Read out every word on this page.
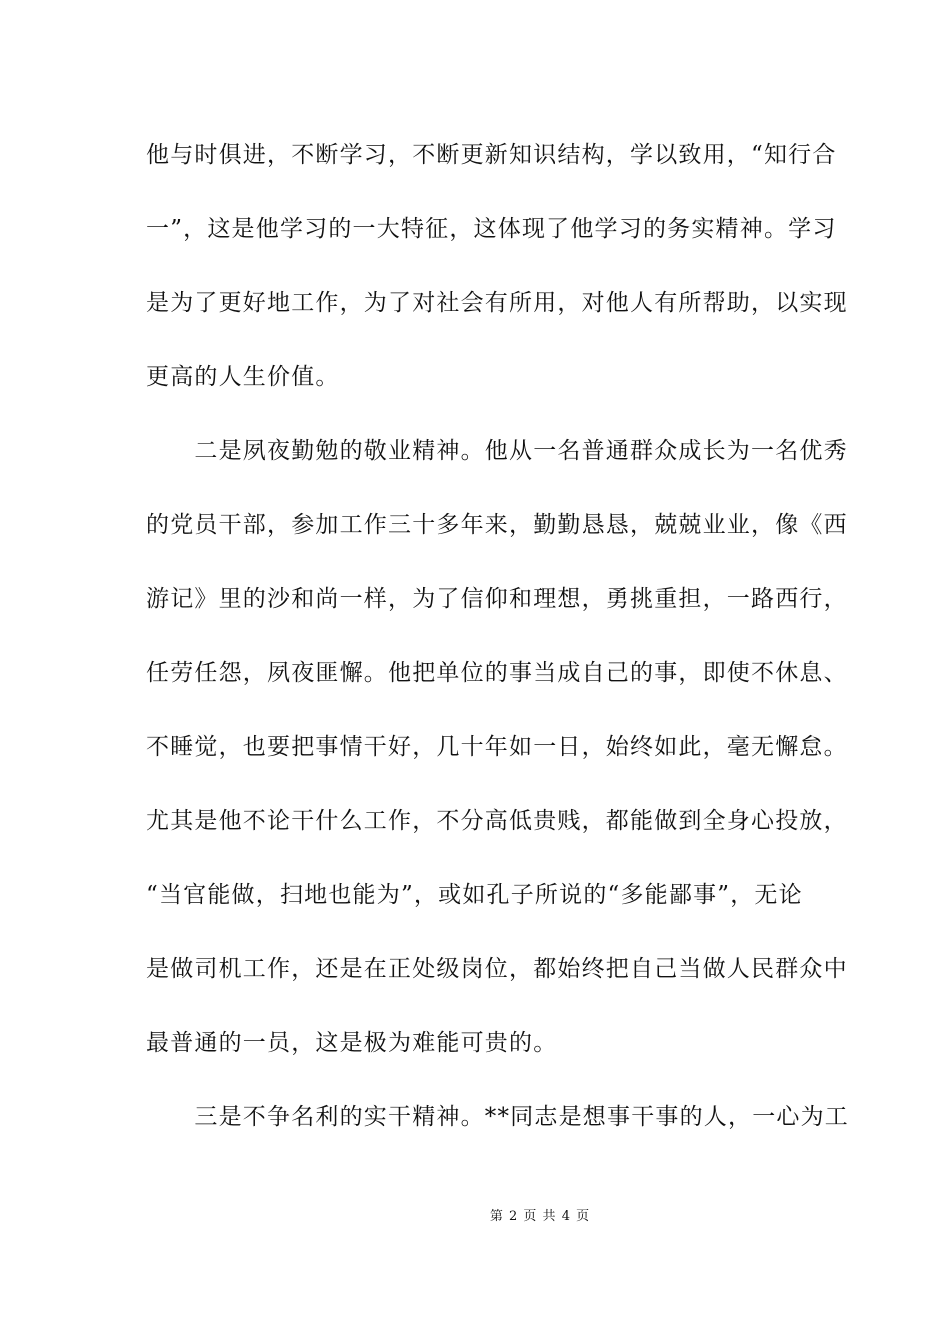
他与时俱进，不断学习，不断更新知识结构，学以致用，“知行合
一”，这是他学习的一大特征，这体现了他学习的务实精神。学习
是为了更好地工作，为了对社会有所用，对他人有所帮助，以实现
更高的人生价值。
　　二是夙夜勤勉的敬业精神。他从一名普通群众成长为一名优秀
的党员干部，参加工作三十多年来，勤勤恳恳，兢兢业业，像《西
游记》里的沙和尚一样，为了信仰和理想，勇挑重担，一路西行，
任劳任怨，夙夜匪懈。他把单位的事当成自己的事，即使不休息、
不睡觉，也要把事情干好，几十年如一日，始终如此，毫无懈怠。
尤其是他不论干什么工作，不分高低贵贱，都能做到全身心投放，
“当官能做，扫地也能为”，或如孔子所说的“多能鄙事”，无论
是做司机工作，还是在正处级岗位，都始终把自己当做人民群众中
最普通的一员，这是极为难能可贵的。
　　三是不争名利的实干精神。**同志是想事干事的人，一心为工
第 2 页 共 4 页
